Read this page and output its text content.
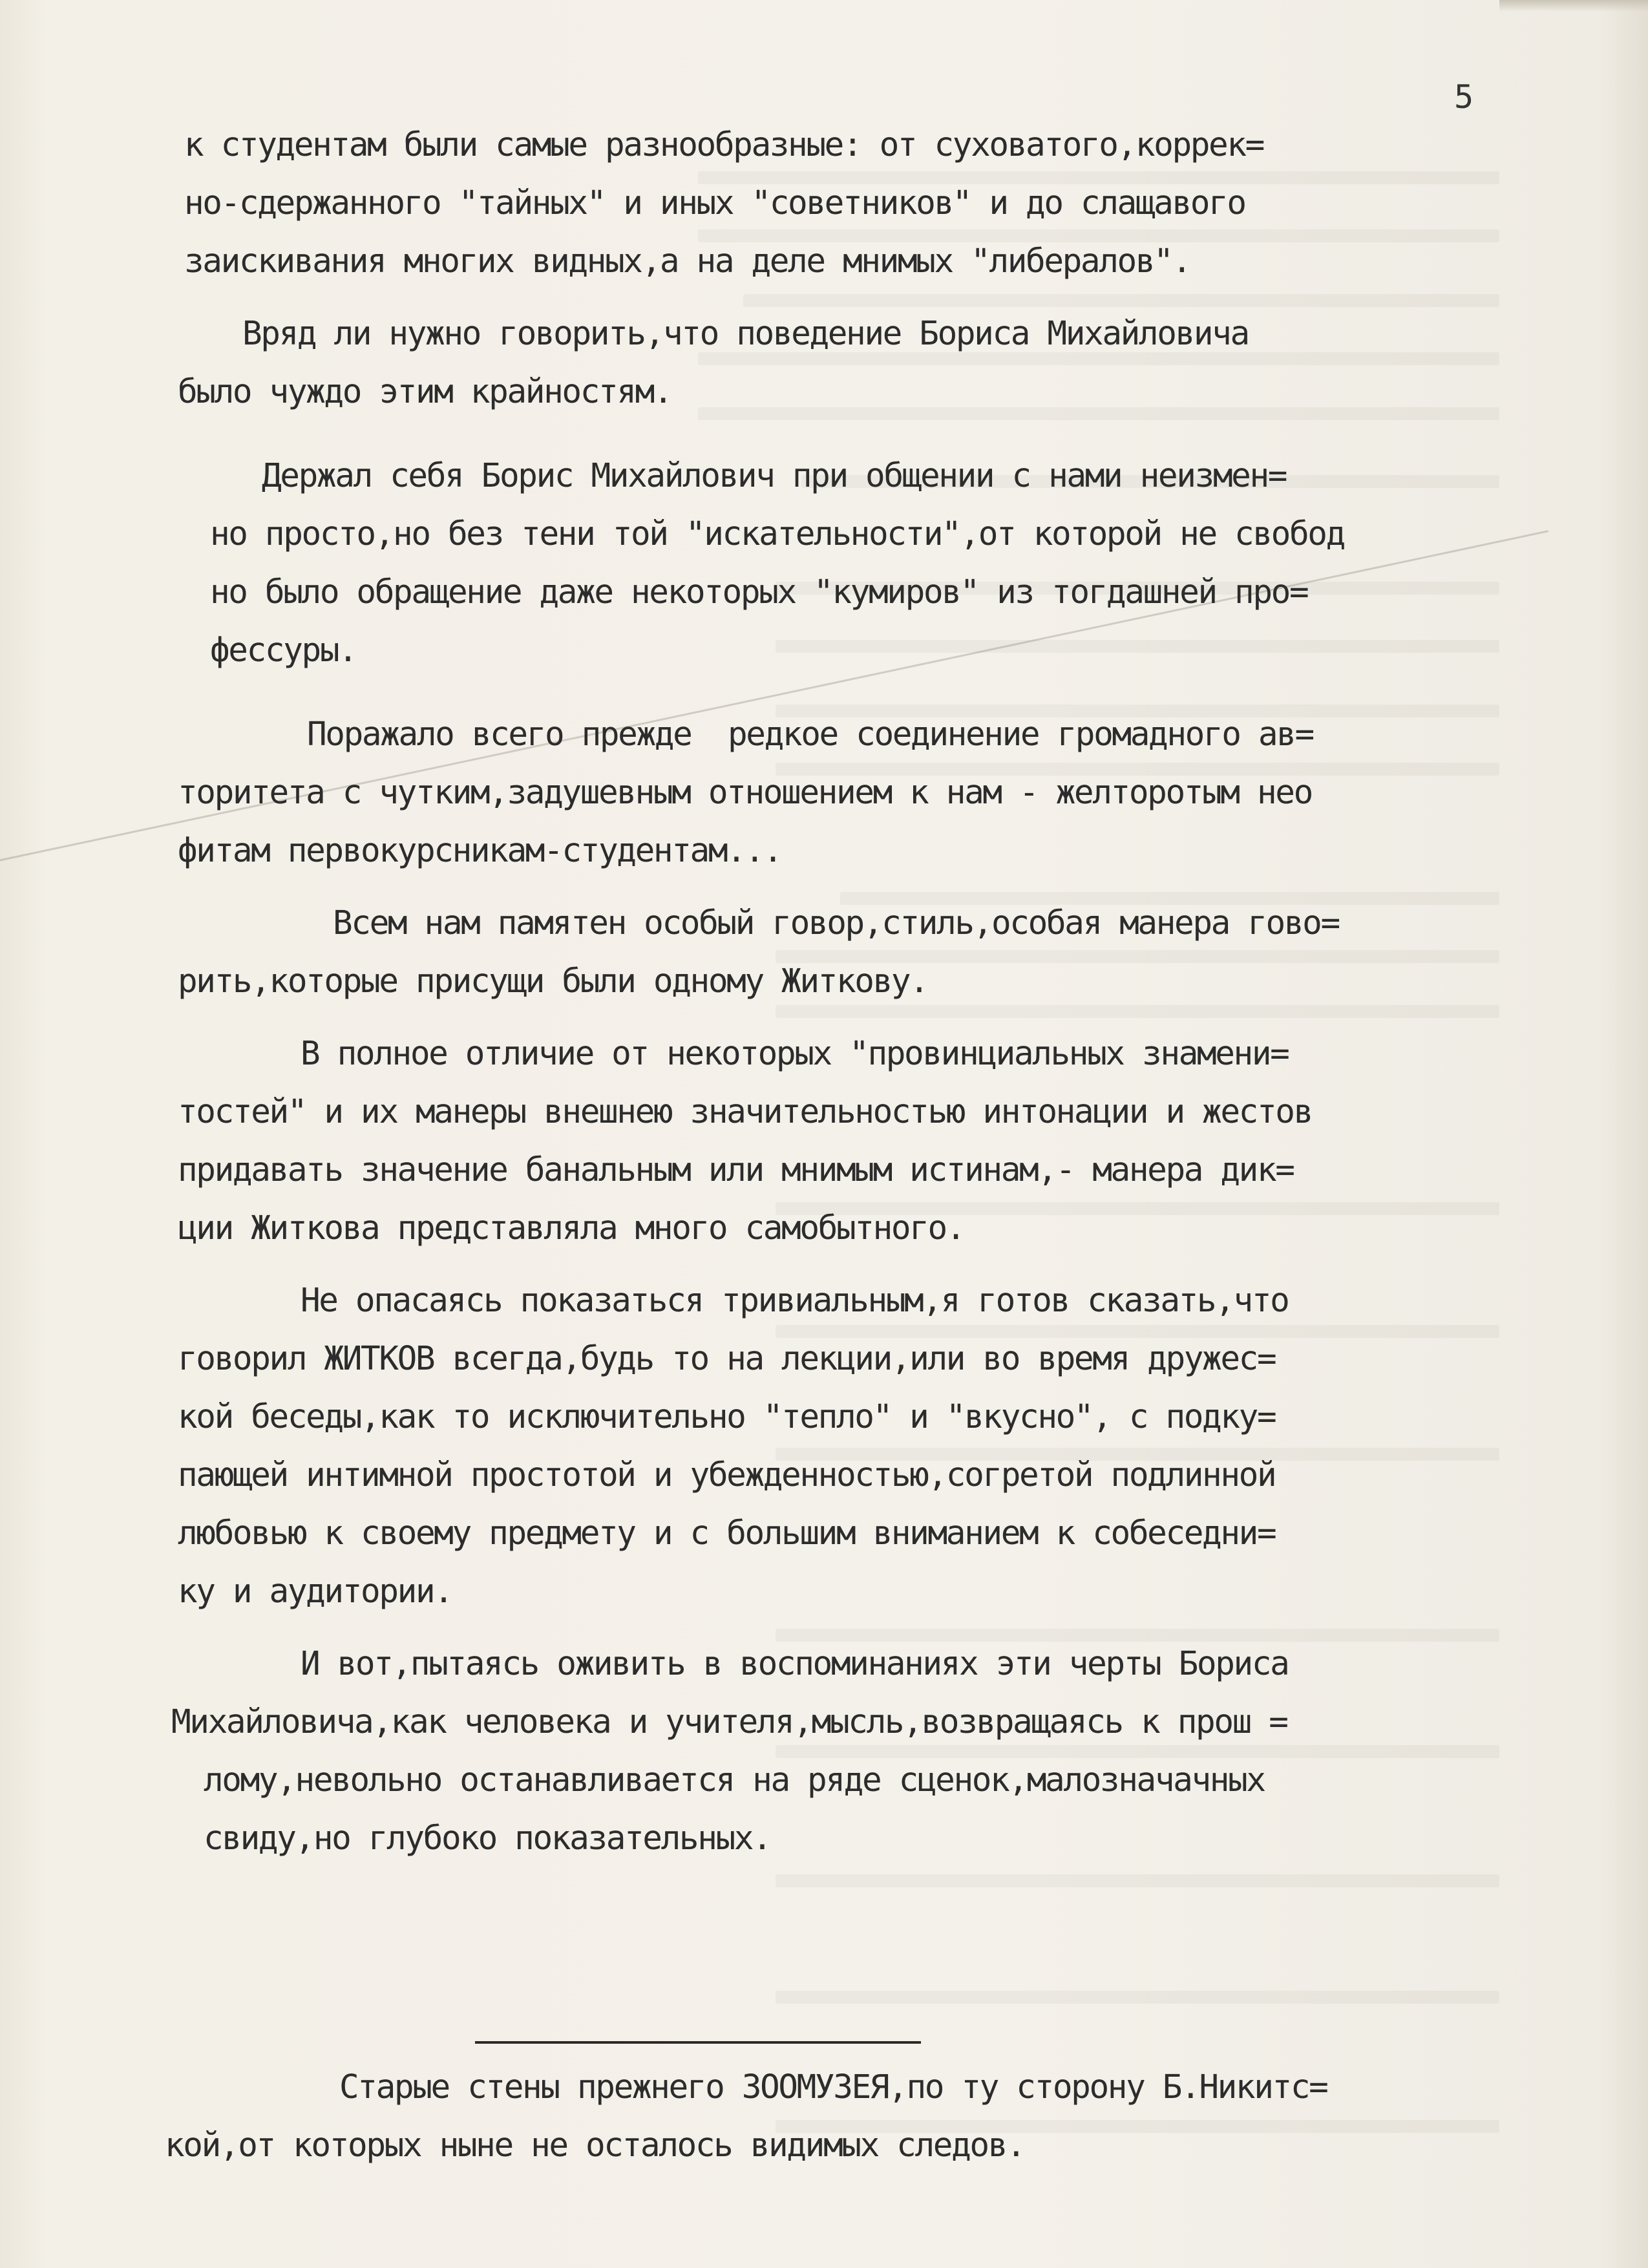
5
к студентам были самые разнообразные: от суховатого,коррек=
но-сдержанного "тайных" и иных "советников" и до слащавого
заискивания многих видных,а на деле мнимых "либералов".
Вряд ли нужно говорить,что поведение Бориса Михайловича
было чуждо этим крайностям.
Держал себя Борис Михайлович при общении с нами неизмен=
но просто,но без тени той "искательности",от которой не свобод
но было обращение даже некоторых "кумиров" из тогдашней про=
фессуры.
Поражало всего прежде  редкое соединение громадного ав=
торитета с чутким,задушевным отношением к нам - желторотым нео
фитам первокурсникам-студентам...
Всем нам памятен особый говор,стиль,особая манера гово=
рить,которые присущи были одному Житкову.
В полное отличие от некоторых "провинциальных знамени=
тостей" и их манеры внешнею значительностью интонации и жестов
придавать значение банальным или мнимым истинам,- манера дик=
ции Житкова представляла много самобытного.
Не опасаясь показаться тривиальным,я готов сказать,что
говорил ЖИТКОВ всегда,будь то на лекции,или во время дружес=
кой беседы,как то исключительно "тепло" и "вкусно", с подку=
пающей интимной простотой и убежденностью,согретой подлинной
любовью к своему предмету и с большим вниманием к собеседни=
ку и аудитории.
И вот,пытаясь оживить в воспоминаниях эти черты Бориса
Михайловича,как человека и учителя,мысль,возвращаясь к прош =
лому,невольно останавливается на ряде сценок,малозначачных
свиду,но глубоко показательных.
Старые стены прежнего ЗООМУЗЕЯ,по ту сторону Б.Никитс=
кой,от которых ныне не осталось видимых следов.
